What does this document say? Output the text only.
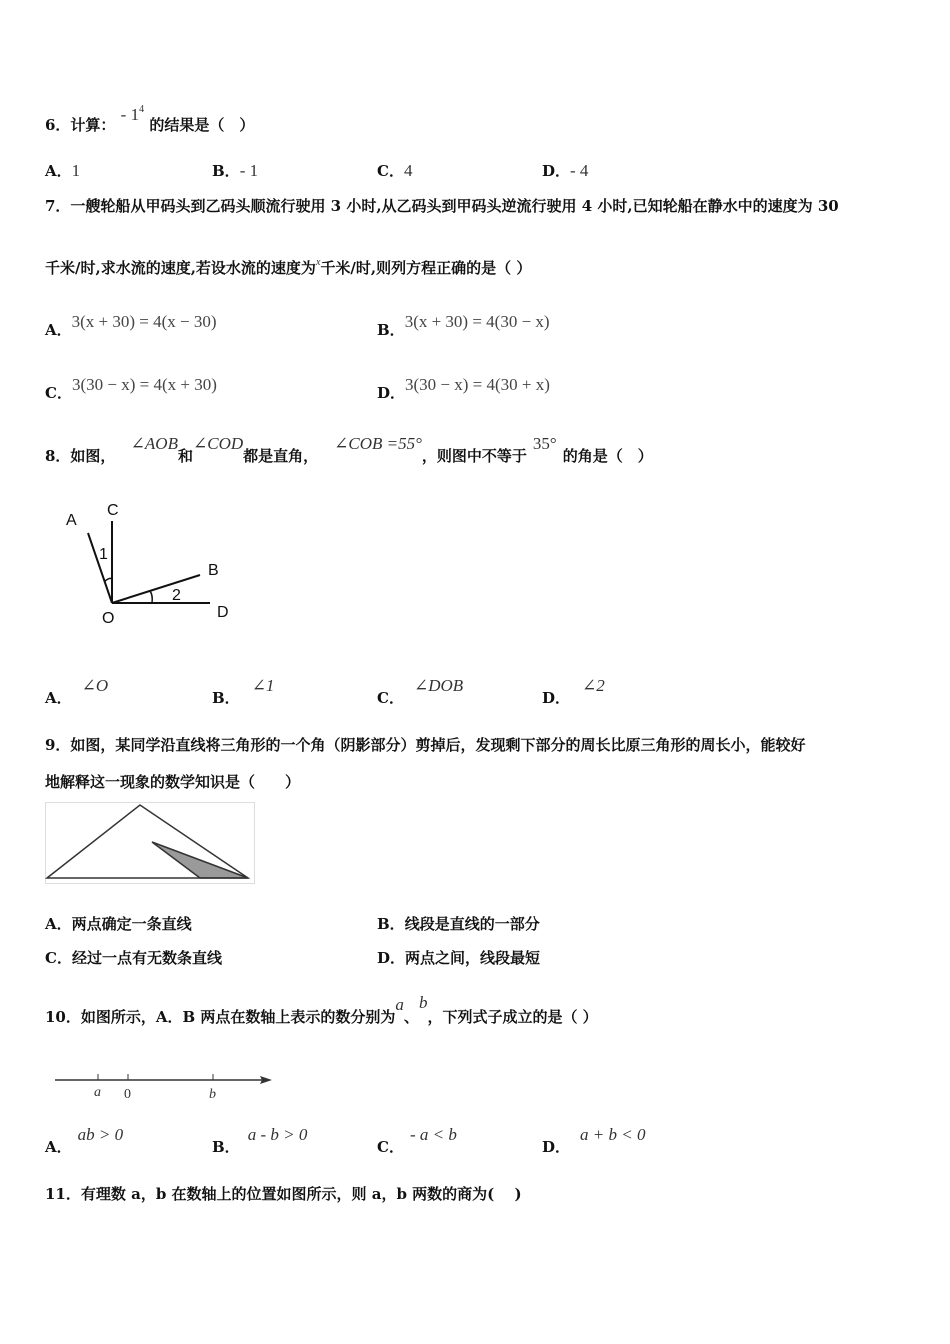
6．计算： - $1^4$ 的结果是（　）
A．1	B．- 1	C．4	D．- 4
7．一艘轮船从甲码头到乙码头顺流行驶用 3 小时,从乙码头到甲码头逆流行驶用 4 小时,已知轮船在静水中的速度为 30
千米/时,求水流的速度,若设水流的速度为$^x$千米/时,则列方程正确的是（ ）
A．3(x + 30) = 4(x − 30)	B．3(x + 30) = 4(30 − x)
C．3(30 − x) = 4(x + 30)	D．3(30 − x) = 4(30 + x)
8．如图， ∠AOB和∠COD都是直角，∠COB =55°，则图中不等于35°的角是（　）
A
C
1
B
2
O	D
A．∠O
B．∠1
C．∠DOB
D．∠2
9．如图，某同学沿直线将三角形的一个角（阴影部分）剪掉后，发现剩下部分的周长比原三角形的周长小，能较好
地解释这一现象的数学知识是（　　）
A．两点确定一条直线	B．线段是直线的一部分
C．经过一点有无数条直线	D．两点之间，线段最短
10．如图所示，A．B 两点在数轴上表示的数分别为a、b，下列式子成立的是（ ）
a 0	b
A．ab > 0
B．a - b > 0
C．- a < b
D．a + b < 0
11．有理数 a，b 在数轴上的位置如图所示，则 a，b 两数的商为(　 )
